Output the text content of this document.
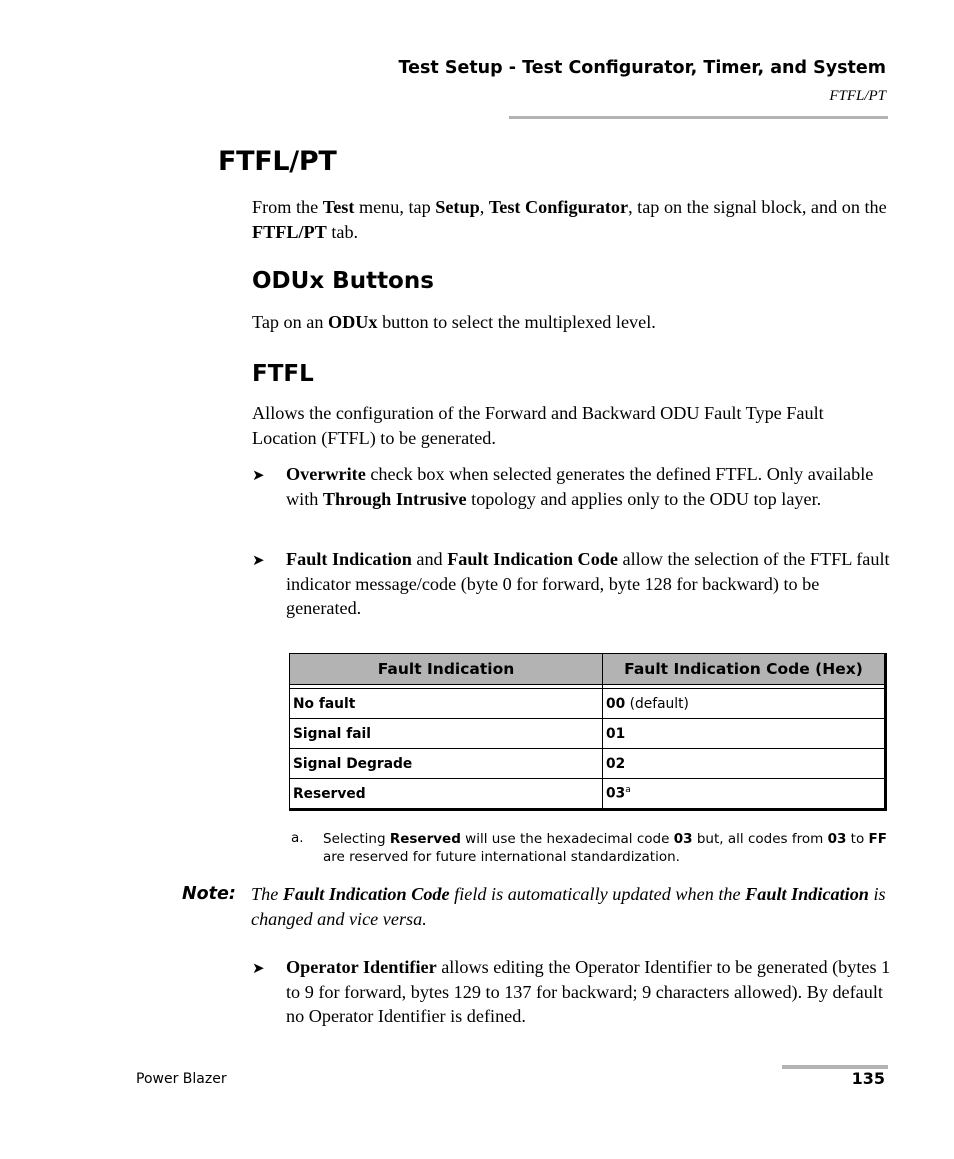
Test Setup - Test Configurator, Timer, and System
FTFL/PT
FTFL/PT
From the Test menu, tap Setup, Test Configurator, tap on the signal block, and on the FTFL/PT tab.
ODUx Buttons
Tap on an ODUx button to select the multiplexed level.
FTFL
Allows the configuration of the Forward and Backward ODU Fault Type Fault Location (FTFL) to be generated.
➤ Overwrite check box when selected generates the defined FTFL. Only available with Through Intrusive topology and applies only to the ODU top layer.
➤ Fault Indication and Fault Indication Code allow the selection of the FTFL fault indicator message/code (byte 0 for forward, byte 128 for backward) to be generated.
Fault Indication	Fault Indication Code (Hex)

No fault	00 (default)
Signal fail	01
Signal Degrade	02
Reserved	03$^a$
a. Selecting Reserved will use the hexadecimal code 03 but, all codes from 03 to FF are reserved for future international standardization.
Note: The Fault Indication Code field is automatically updated when the Fault Indication is changed and vice versa.
➤ Operator Identifier allows editing the Operator Identifier to be generated (bytes 1 to 9 for forward, bytes 129 to 137 for backward; 9 characters allowed). By default no Operator Identifier is defined.
Power Blazer	135
